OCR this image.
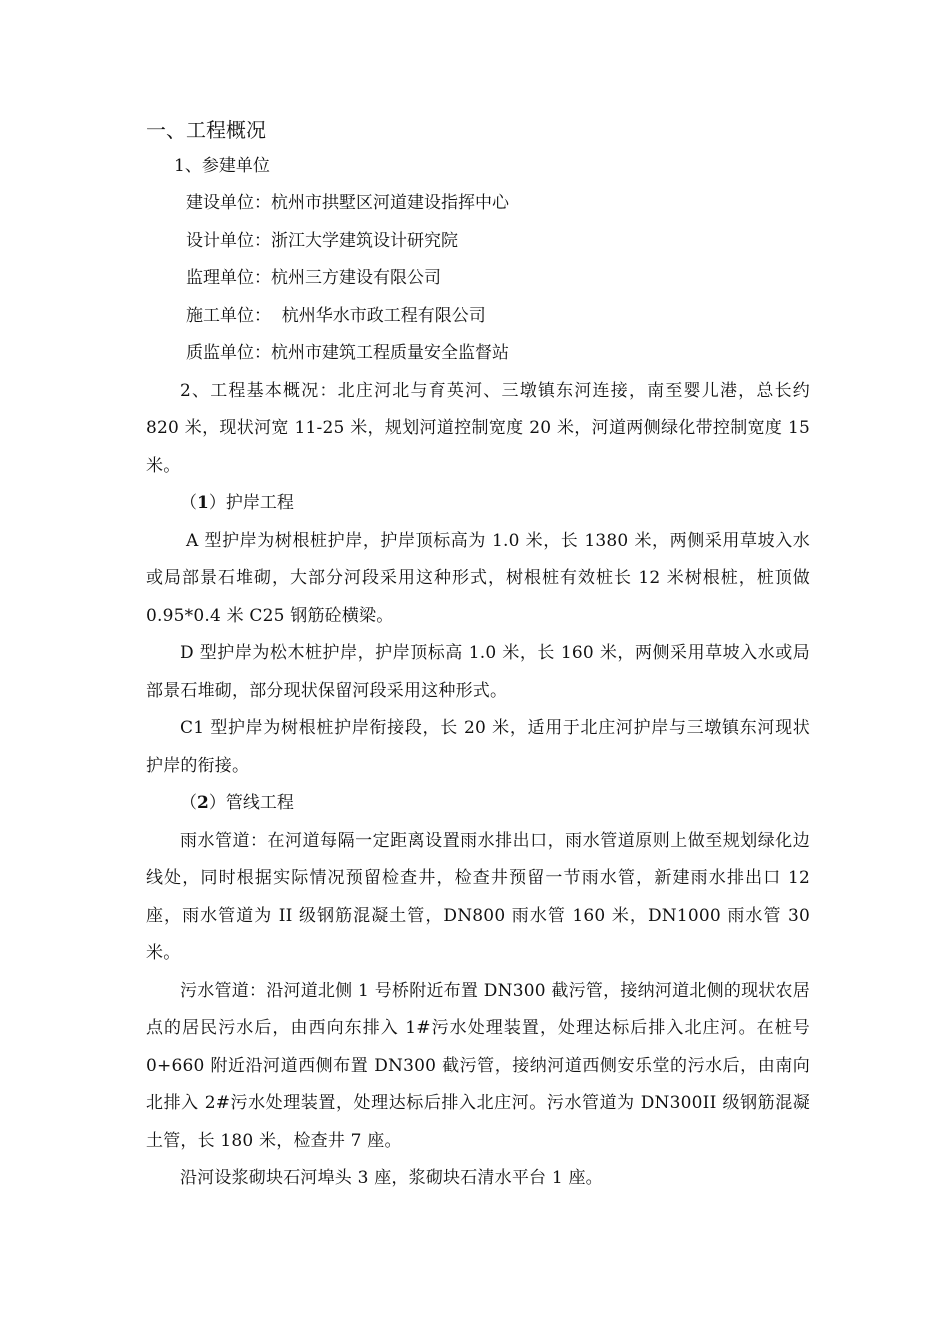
一、工程概况

1、参建单位

建设单位：杭州市拱墅区河道建设指挥中心

设计单位：浙江大学建筑设计研究院

监理单位：杭州三方建设有限公司

施工单位：  杭州华水市政工程有限公司

质监单位：杭州市建筑工程质量安全监督站

2、工程基本概况：北庄河北与育英河、三墩镇东河连接，南至婴儿港，总长约 820 米，现状河宽 11-25 米，规划河道控制宽度 20 米，河道两侧绿化带控制宽度 15 米。

（1）护岸工程

A 型护岸为树根桩护岸，护岸顶标高为 1.0 米，长 1380 米，两侧采用草坡入水或局部景石堆砌，大部分河段采用这种形式，树根桩有效桩长 12 米树根桩，桩顶做 0.95*0.4 米 C25 钢筋砼横梁。

D 型护岸为松木桩护岸，护岸顶标高 1.0 米，长 160 米，两侧采用草坡入水或局部景石堆砌，部分现状保留河段采用这种形式。

C1 型护岸为树根桩护岸衔接段，长 20 米，适用于北庄河护岸与三墩镇东河现状护岸的衔接。

（2）管线工程

雨水管道：在河道每隔一定距离设置雨水排出口，雨水管道原则上做至规划绿化边线处，同时根据实际情况预留检查井，检查井预留一节雨水管，新建雨水排出口 12 座，雨水管道为 II 级钢筋混凝土管，DN800 雨水管 160 米，DN1000 雨水管 30 米。

污水管道：沿河道北侧 1 号桥附近布置 DN300 截污管，接纳河道北侧的现状农居点的居民污水后，由西向东排入 1#污水处理装置，处理达标后排入北庄河。在桩号 0+660 附近沿河道西侧布置 DN300 截污管，接纳河道西侧安乐堂的污水后，由南向北排入 2#污水处理装置，处理达标后排入北庄河。污水管道为 DN300II 级钢筋混凝土管，长 180 米，检查井 7 座。

沿河设浆砌块石河埠头 3 座，浆砌块石清水平台 1 座。
